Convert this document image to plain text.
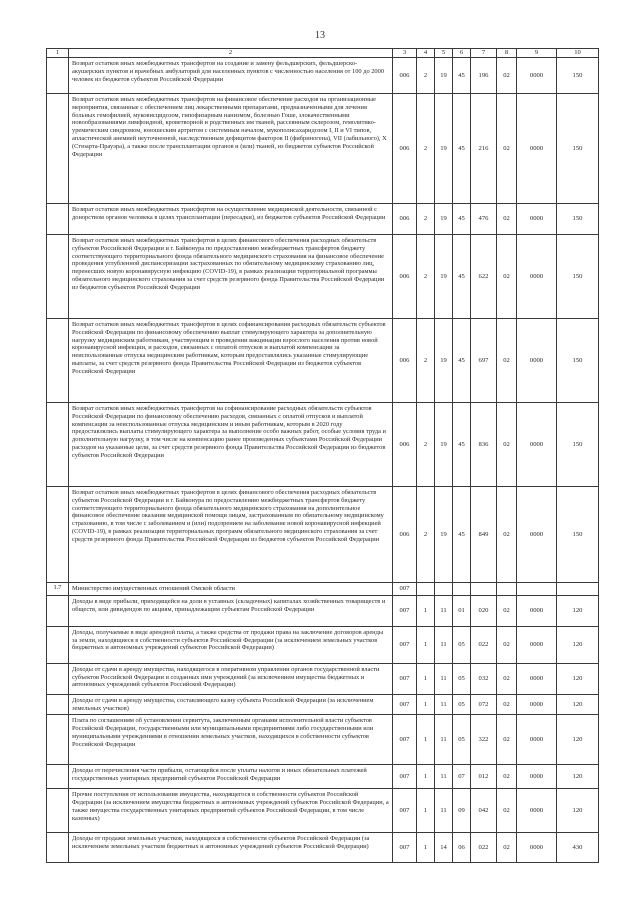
13
1	2	3	4	5	6	7	8	9	10
	Возврат остатков иных межбюджетных трансфертов на создание и замену фельдшерских, фельдшерско-акушерских пунктов и врачебных амбулаторий для населенных пунктов с численностью населения от 100 до 2000 человек из бюджетов субъектов Российской Федерации	006	2	19	45	196	02	0000	150
	Возврат остатков иных межбюджетных трансфертов на финансовое обеспечение расходов на организационные мероприятия, связанные с обеспечением лиц лекарственными препаратами, предназначенными для лечения больных гемофилией, муковисцидозом, гипофизарным нанизмом, болезнью Гоше, злокачественными новообразованиями лимфоидной, кроветворной и родственных им тканей, рассеянным склерозом, гемолитико-уремическим синдромом, юношеским артритом с системным началом, мукополисахаридозом I, II и VI типов, апластической анемией неуточненной, наследственным дефицитом факторов II (фибриногена), VII (лабильного), X (Стюарта-Прауэра), а также после трансплантации органов и (или) тканей, из бюджетов субъектов Российской Федерации	006	2	19	45	216	02	0000	150
	Возврат остатков иных межбюджетных трансфертов на осуществление медицинской деятельности, связанной с донорством органов человека в целях трансплантации (пересадки), из бюджетов субъектов Российской Федерации	006	2	19	45	476	02	0000	150
	Возврат остатков иных межбюджетных трансфертов в целях финансового обеспечения расходных обязательств субъектов Российской Федерации и г. Байконура по предоставлению межбюджетных трансфертов бюджету соответствующего территориального фонда обязательного медицинского страхования на финансовое обеспечение проведения углубленной диспансеризации застрахованных по обязательному медицинскому страхованию лиц, перенесших новую коронавирусную инфекцию (COVID-19), в рамках реализации территориальной программы обязательного медицинского страхования за счет средств резервного фонда Правительства Российской Федерации из бюджетов субъектов Российской Федерации	006	2	19	45	622	02	0000	150
	Возврат остатков иных межбюджетных трансфертов в целях софинансирования расходных обязательств субъектов Российской Федерации по финансовому обеспечению выплат стимулирующего характера за дополнительную нагрузку медицинским работникам, участвующим в проведении вакцинации взрослого населения против новой коронавирусной инфекции, и расходов, связанных с оплатой отпусков и выплатой компенсации за неиспользованные отпуска медицинским работникам, которым предоставлялись указанные стимулирующие выплаты, за счет средств резервного фонда Правительства Российской Федерации из бюджетов субъектов Российской Федерации	006	2	19	45	697	02	0000	150
	Возврат остатков иных межбюджетных трансфертов на софинансирование расходных обязательств субъектов Российской Федерации по финансовому обеспечению расходов, связанных с оплатой отпусков и выплатой компенсации за неиспользованные отпуска медицинским и иным работникам, которым в 2020 году предоставлялись выплаты стимулирующего характера за выполнение особо важных работ, особые условия труда и дополнительную нагрузку, в том числе на компенсацию ранее произведенных субъектами Российской Федерации расходов на указанные цели, за счет средств резервного фонда Правительства Российской Федерации из бюджетов субъектов Российской Федерации	006	2	19	45	836	02	0000	150
	Возврат остатков иных межбюджетных трансфертов в целях финансового обеспечения расходных обязательств субъектов Российской Федерации и г. Байконура по предоставлению межбюджетных трансфертов бюджету соответствующего территориального фонда обязательного медицинского страхования на дополнительное финансовое обеспечение оказания медицинской помощи лицам, застрахованным по обязательному медицинскому страхованию, в том числе с заболеванием и (или) подозрением на заболевание новой коронавирусной инфекцией (COVID-19), в рамках реализации территориальных программ обязательного медицинского страхования за счет средств резервного фонда Правительства Российской Федерации из бюджетов субъектов Российской Федерации	006	2	19	45	849	02	0000	150
1.7	Министерство имущественных отношений Омской области	007							
	Доходы в виде прибыли, приходящейся на доли в уставных (складочных) капиталах хозяйственных товариществ и обществ, или дивидендов по акциям, принадлежащим субъектам Российской Федерации	007	1	11	01	020	02	0000	120
	Доходы, получаемые в виде арендной платы, а также средства от продажи права на заключение договоров аренды за земли, находящиеся в собственности субъектов Российской Федерации (за исключением земельных участков бюджетных и автономных учреждений субъектов Российской Федерации)	007	1	11	05	022	02	0000	120
	Доходы от сдачи в аренду имущества, находящегося в оперативном управлении органов государственной власти субъектов Российской Федерации и созданных ими учреждений (за исключением имущества бюджетных и автономных учреждений субъектов Российской Федерации)	007	1	11	05	032	02	0000	120
	Доходы от сдачи в аренду имущества, составляющего казну субъекта Российской Федерации (за исключением земельных участков)	007	1	11	05	072	02	0000	120
	Плата по соглашениям об установлении сервитута, заключенным органами исполнительной власти субъектов Российской Федерации, государственными или муниципальными предприятиями либо государственными или муниципальными учреждениями в отношении земельных участков, находящихся в собственности субъектов Российской Федерации	007	1	11	05	322	02	0000	120
	Доходы от перечисления части прибыли, остающейся после уплаты налогов и иных обязательных платежей государственных унитарных предприятий субъектов Российской Федерации	007	1	11	07	012	02	0000	120
	Прочие поступления от использования имущества, находящегося в собственности субъектов Российской Федерации (за исключением имущества бюджетных и автономных учреждений субъектов Российской Федерации, а также имущества государственных унитарных предприятий субъектов Российской Федерации, в том числе казенных)	007	1	11	09	042	02	0000	120
	Доходы от продажи земельных участков, находящихся в собственности субъектов Российской Федерации (за исключением земельных участков бюджетных и автономных учреждений субъектов Российской Федерации)	007	1	14	06	022	02	0000	430
